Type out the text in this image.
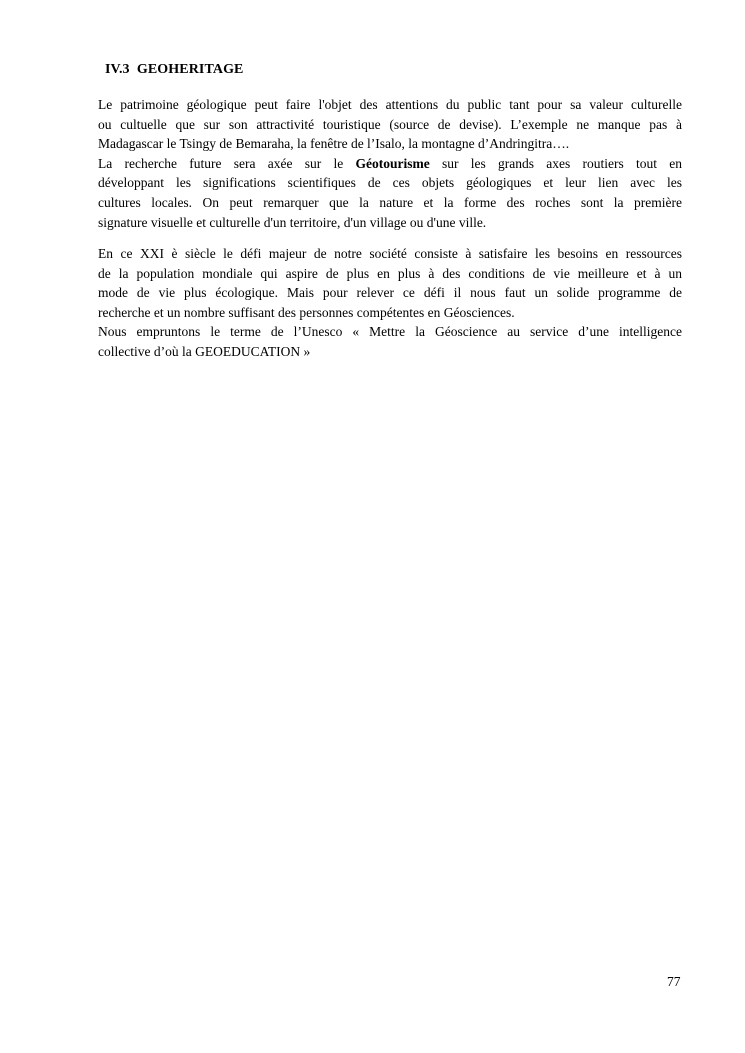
IV.3  GEOHERITAGE
Le patrimoine géologique peut faire l'objet des attentions du public tant pour sa valeur culturelle
ou cultuelle que sur son attractivité touristique (source de devise). L’exemple ne manque pas à
Madagascar le Tsingy de Bemaraha, la fenêtre de l’Isalo, la montagne d’Andringitra….
La recherche future sera axée sur le Géotourisme sur les grands axes routiers tout en
développant les significations scientifiques de ces objets géologiques et leur lien avec les
cultures locales. On peut remarquer que la nature et la forme des roches sont la première
signature visuelle et culturelle d'un territoire, d'un village ou d'une ville.
En ce XXI è siècle le défi majeur de notre société consiste à satisfaire les besoins en ressources
de la population mondiale qui aspire de plus en plus à des conditions de vie meilleure et à un
mode de vie plus écologique. Mais pour relever ce défi il nous faut un solide programme de
recherche et un nombre suffisant des personnes compétentes en Géosciences.
Nous empruntons le terme de l’Unesco « Mettre la Géoscience au service d’une intelligence
collective d’où la GEOEDUCATION »

77
